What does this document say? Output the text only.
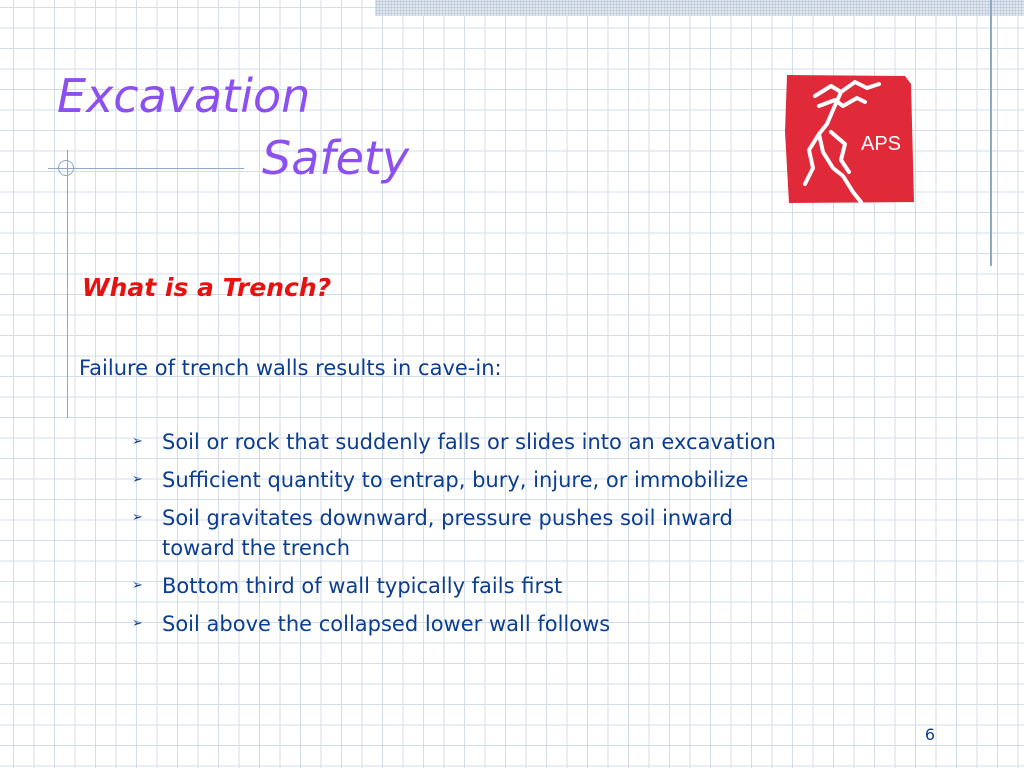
Excavation
Safety	APS
What is a Trench?

Failure of trench walls results in cave-in:

➢ Soil or rock that suddenly falls or slides into an excavation
➢ Sufficient quantity to entrap, bury, injure, or immobilize
➢ Soil gravitates downward, pressure pushes soil inward
toward the trench
➢ Bottom third of wall typically fails first
➢ Soil above the collapsed lower wall follows

6
